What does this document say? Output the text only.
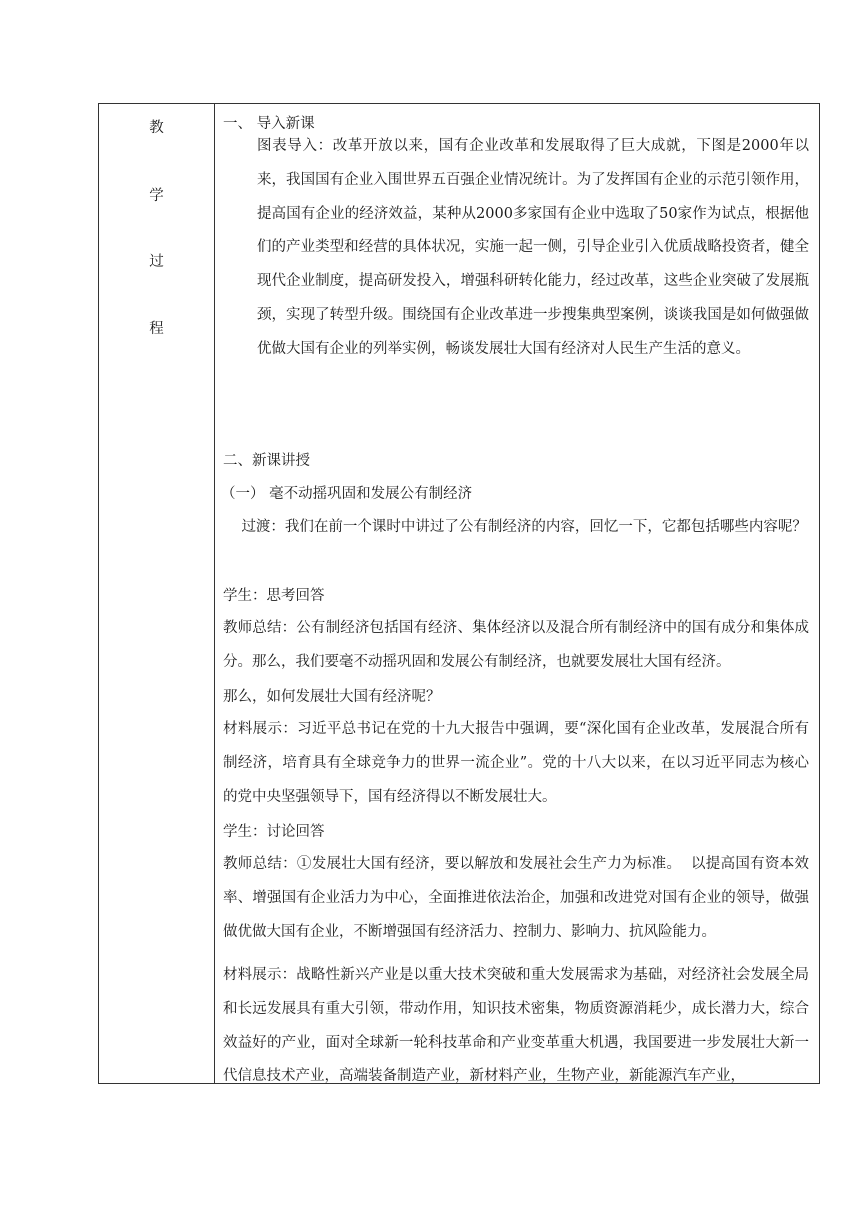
教
学
过
程

一、 导入新课
图表导入：改革开放以来，国有企业改革和发展取得了巨大成就，下图是2000年以来，我国国有企业入围世界五百强企业情况统计。为了发挥国有企业的示范引领作用，提高国有企业的经济效益，某种从2000多家国有企业中选取了50家作为试点，根据他们的产业类型和经营的具体状况，实施一起一侧，引导企业引入优质战略投资者，健全现代企业制度，提高研发投入，增强科研转化能力，经过改革，这些企业突破了发展瓶颈，实现了转型升级。围绕国有企业改革进一步搜集典型案例，谈谈我国是如何做强做优做大国有企业的列举实例，畅谈发展壮大国有经济对人民生产生活的意义。
二、新课讲授
（一） 毫不动摇巩固和发展公有制经济
过渡：我们在前一个课时中讲过了公有制经济的内容，回忆一下，它都包括哪些内容呢？
学生：思考回答
教师总结：公有制经济包括国有经济、集体经济以及混合所有制经济中的国有成分和集体成分。那么，我们要毫不动摇巩固和发展公有制经济，也就要发展壮大国有经济。
那么，如何发展壮大国有经济呢？
材料展示：习近平总书记在党的十九大报告中强调，要“深化国有企业改革，发展混合所有制经济，培育具有全球竞争力的世界一流企业”。党的十八大以来，在以习近平同志为核心的党中央坚强领导下，国有经济得以不断发展壮大。
学生：讨论回答
教师总结：①发展壮大国有经济，要以解放和发展社会生产力为标准。  以提高国有资本效率、增强国有企业活力为中心，全面推进依法治企，加强和改进党对国有企业的领导，做强做优做大国有企业，不断增强国有经济活力、控制力、影响力、抗风险能力。
材料展示：战略性新兴产业是以重大技术突破和重大发展需求为基础，对经济社会发展全局和长远发展具有重大引领，带动作用，知识技术密集，物质资源消耗少，成长潜力大，综合效益好的产业，面对全球新一轮科技革命和产业变革重大机遇，我国要进一步发展壮大新一代信息技术产业，高端装备制造产业，新材料产业，生物产业，新能源汽车产业，
